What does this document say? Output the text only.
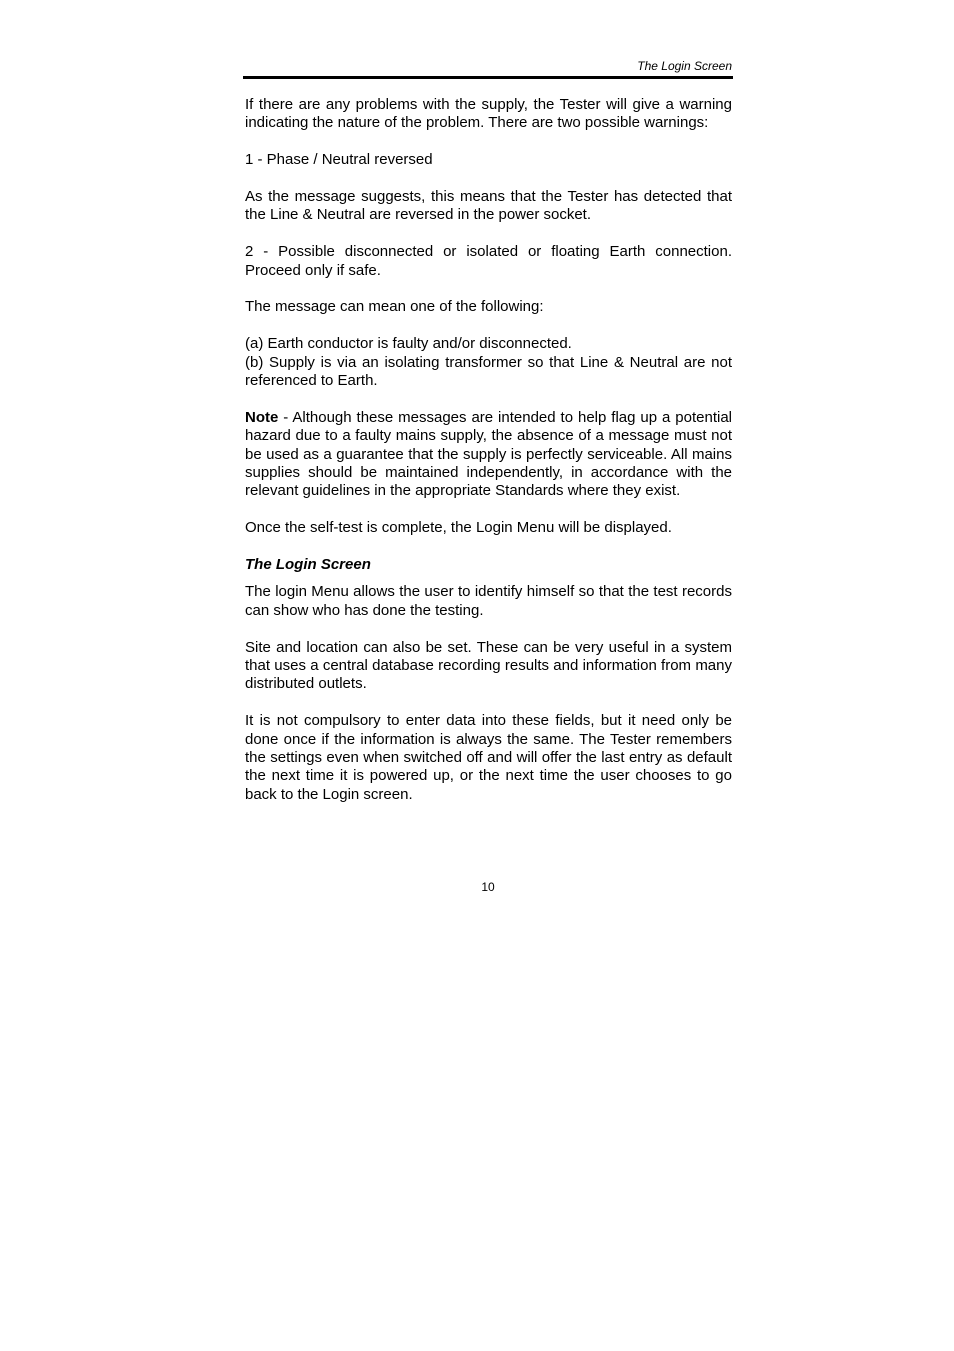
The Login Screen

If there are any problems with the supply, the Tester will give a warning indicating the nature of the problem. There are two possible warnings:

1 - Phase / Neutral reversed

As the message suggests, this means that the Tester has detected that the Line & Neutral are reversed in the power socket.

2 - Possible disconnected or isolated or floating Earth connection. Proceed only if safe.

The message can mean one of the following:

(a) Earth conductor is faulty and/or disconnected.

(b) Supply is via an isolating transformer so that Line & Neutral are not referenced to Earth.

Note - Although these messages are intended to help flag up a potential hazard due to a faulty mains supply, the absence of a message must not be used as a guarantee that the supply is perfectly serviceable. All mains supplies should be maintained independently, in accordance with the relevant guidelines in the appropriate Standards where they exist.

Once the self-test is complete, the Login Menu will be displayed.

The Login Screen

The login Menu allows the user to identify himself so that the test records can show who has done the testing.

Site and location can also be set. These can be very useful in a system that uses a central database recording results and information from many distributed outlets.

It is not compulsory to enter data into these fields, but it need only be done once if the information is always the same. The Tester remembers the settings even when switched off and will offer the last entry as default the next time it is powered up, or the next time the user chooses to go back to the Login screen.

10
